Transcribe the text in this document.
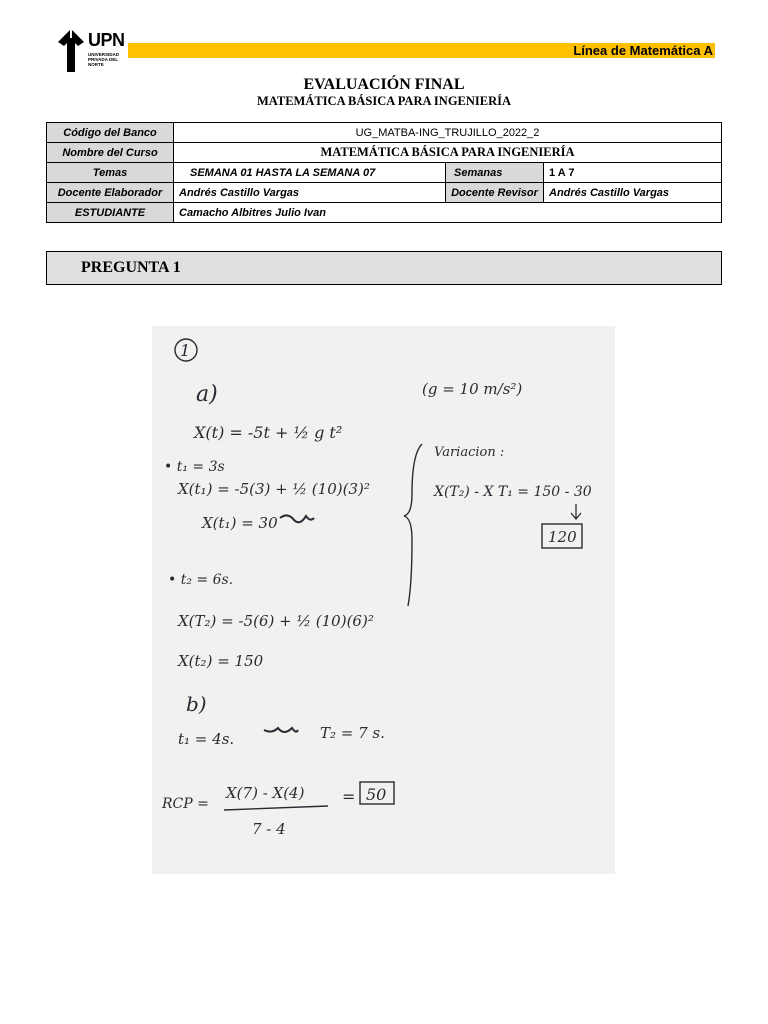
UPN
UNIVERSIDAD PRIVADA DEL NORTE
Línea de Matemática A
EVALUACIÓN FINAL
MATEMÁTICA BÁSICA PARA INGENIERÍA
Código del Banco	UG_MATBA-ING_TRUJILLO_2022_2		
Nombre del Curso	MATEMÁTICA BÁSICA PARA INGENIERÍA		
Temas	SEMANA 01 HASTA LA SEMANA 07	Semanas	1 A 7
Docente Elaborador	Andrés Castillo Vargas	Docente Revisor	Andrés Castillo Vargas
ESTUDIANTE	Camacho Albitres Julio Ivan		
PREGUNTA 1
1
a)
X(t) = -5t + ½ g t²
(g = 10 m/s²)
• t₁ = 3s
X(t₁) = -5(3) + ½ (10)(3)²
X(t₁) = 30
Variacion :
X(T₂) - X T₁ = 150 - 30
120
• t₂ = 6s.
X(T₂) = -5(6) + ½ (10)(6)²
X(t₂) = 150
b)
t₁ = 4s.	T₂ = 7 s.
RCP =
X(7) - X(4)
7 - 4
= 50
